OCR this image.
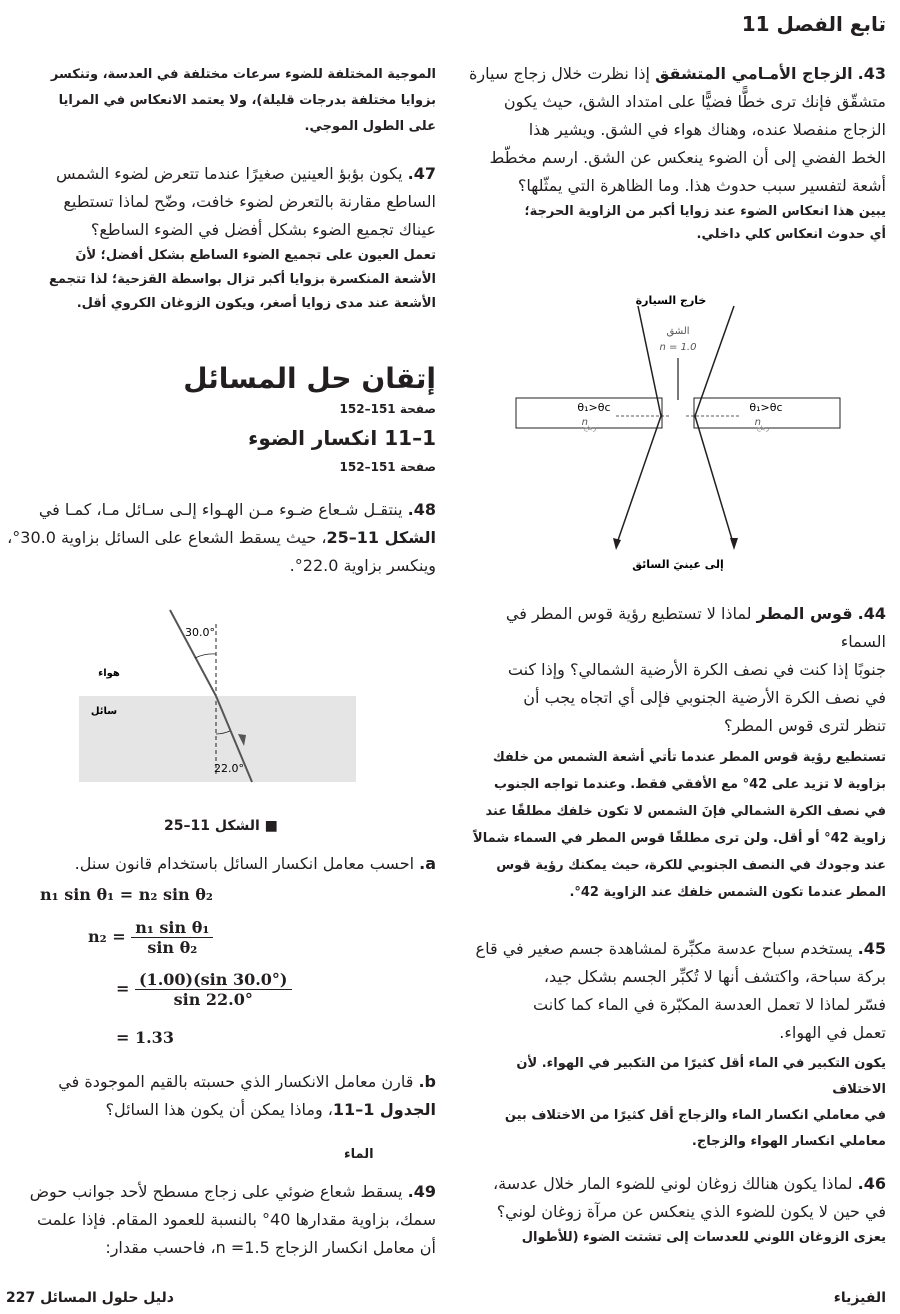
تابع الفصل 11

43. الزجاج الأمـامي المتشقق إذا نظرت خلال زجاج سيارة

متشقّق فإنك ترى خطًّا فضيًّا على امتداد الشق، حيث يكون

الزجاج منفصلا عنده، وهناك هواء في الشق. ويشير هذا

الخط الفضي إلى أن الضوء ينعكس عن الشق. ارسم مخطّط

أشعة لتفسير سبب حدوث هذا. وما الظاهرة التي يمثّلها؟

يبين هذا انعكاس الضوء عند زوايا أكبر من الزاوية الحرجة؛

أي حدوث انعكاس كلي داخلي.

خارج السيارة
الشق
n = 1.0
θ₁>θc	θ₁>θc
n
زجاج
n
زجاج
إلى عينيَ السائق

44. قوس المطر لماذا لا تستطيع رؤية قوس المطر في السماء

جنوبًا إذا كنت في نصف الكرة الأرضية الشمالي؟ وإذا كنت

في نصف الكرة الأرضية الجنوبي فإلى أي اتجاه يجب أن

تنظر لترى قوس المطر؟

تستطيع رؤية قوس المطر عندما تأتي أشعة الشمس من خلفك

بزاوية لا تزيد على 42° مع الأفقي فقط. وعندما تواجه الجنوب

في نصف الكرة الشمالي فإنَ الشمس لا تكون خلفك مطلقًا عند

زاوية 42° أو أقل. ولن ترى مطلقًا قوس المطر في السماء شمالاً

عند وجودك في النصف الجنوبي للكرة، حيث يمكنك رؤية قوس

المطر عندما تكون الشمس خلفك عند الزاوية 42°.

45. يستخدم سباح عدسة مكبِّرة لمشاهدة جسم صغير في قاع

بركة سباحة، واكتشف أنها لا تُكبِّر الجسم بشكل جيد،

فسّر لماذا لا تعمل العدسة المكبّرة في الماء كما كانت

تعمل في الهواء.

يكون التكبير في الماء أقل كثيرًا من التكبير في الهواء. لأن الاختلاف

في معاملي انكسار الماء والزجاج أقل كثيرًا من الاختلاف بين

معاملي انكسار الهواء والزجاج.

46. لماذا يكون هنالك زوغان لوني للضوء المار خلال عدسة،

في حين لا يكون للضوء الذي ينعكس عن مرآة زوغان لوني؟

يعزى الزوغان اللوني للعدسات إلى تشتت الضوء (للأطوال

الموجية المختلفة للضوء سرعات مختلفة في العدسة، وتنكسر

بزوايا مختلفة بدرجات قليلة)، ولا يعتمد الانعكاس في المرايا

على الطول الموجي.

47. يكون بؤبؤ العينين صغيرًا عندما تتعرض لضوء الشمس

الساطع مقارنة بالتعرض لضوء خافت، وضّح لماذا تستطيع

عيناك تجميع الضوء بشكل أفضل في الضوء الساطع؟

تعمل العيون على تجميع الضوء الساطع بشكل أفضل؛ لأنَ

الأشعة المنكسرة بزوايا أكبر تزال بواسطة القزحية؛ لذا تتجمع

الأشعة عند مدى زوايا أصغر، ويكون الزوغان الكروي أقل.

إتقان حل المسائل
صفحة 151–152
1–11 انكسار الضوء
صفحة 151–152

48. ينتقـل شـعاع ضـوء مـن الهـواء إلـى سـائل مـا، كمـا في

الشكل 11–25، حيث يسقط الشعاع على السائل بزاوية 30.0°،

وينكسر بزاوية 22.0°.

هواء
سائل
30.0°
22.0°
■ الشكل 11–25

a. احسب معامل انكسار السائل باستخدام قانون سنل.

n₁ sin θ₁ = n₂ sin θ₂
$n_2 = \frac{\text{n₁ sin θ₁}}{\text{sin θ₂}}$
= $\frac{(1.00)(\sin 30.0^\circ)}{\sin 22.0^\circ}$
= 1.33

b. قارن معامل الانكسار الذي حسبته بالقيم الموجودة في

الجدول 1–11، وماذا يمكن أن يكون هذا السائل؟

الماء

49. يسقط شعاع ضوئي على زجاج مسطح لأحد جوانب حوض

سمك، بزاوية مقدارها 40° بالنسبة للعمود المقام. فإذا علمت

أن معامل انكسار الزجاج n =1.5، فاحسب مقدار:

الفيزياء
دليل حلول المسائل 227
